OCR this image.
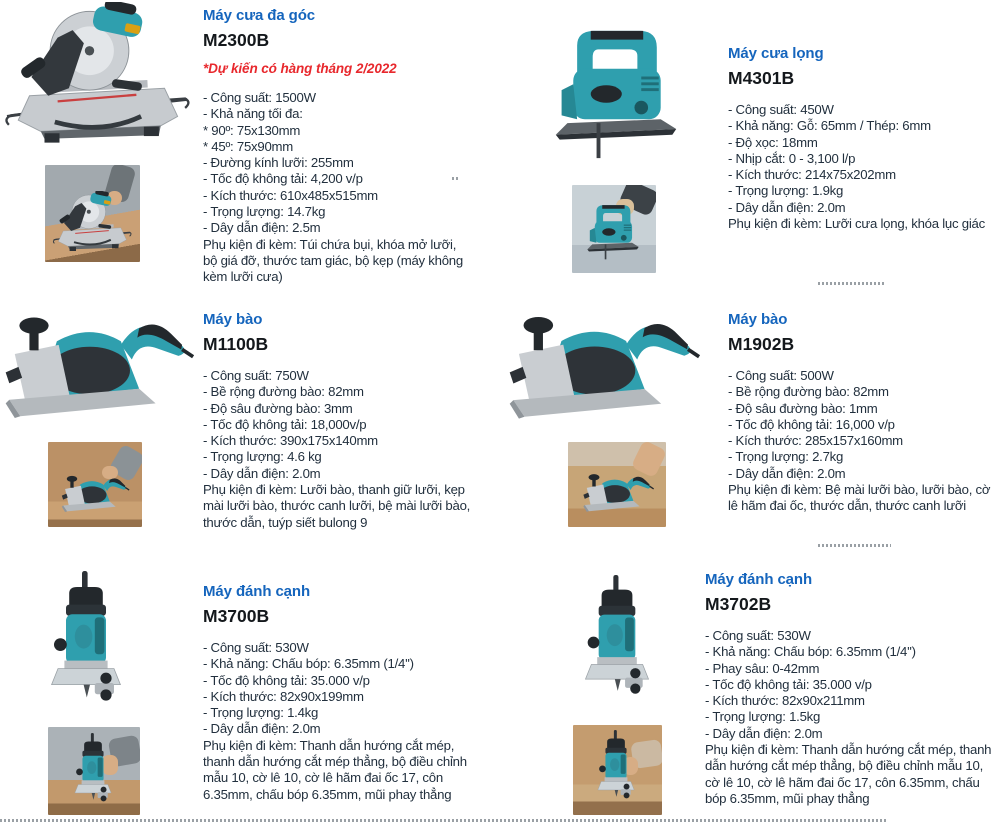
Máy cưa đa góc
M2300B
*Dự kiến có hàng tháng 2/2022
- Công suất: 1500W
- Khả năng tối đa:
* 90º: 75x130mm
* 45º: 75x90mm
- Đường kính lưỡi: 255mm
- Tốc độ không tải: 4,200 v/p
- Kích thước: 610x485x515mm
- Trọng lượng: 14.7kg
- Dây dẫn điện: 2.5m

Phụ kiện đi kèm: Túi chứa bụi, khóa mở lưỡi, bộ giá đỡ, thước tam giác, bộ kẹp (máy không kèm lưỡi cưa)

Máy cưa lọng
M4301B
- Công suất: 450W
- Khả năng: Gỗ: 65mm / Thép: 6mm
- Độ xọc: 18mm
- Nhịp cắt: 0 - 3,100 l/p
- Kích thước: 214x75x202mm
- Trọng lượng: 1.9kg
- Dây dẫn điện: 2.0m

Phụ kiện đi kèm: Lưỡi cưa lọng, khóa lục giác

Máy bào
M1100B
- Công suất: 750W
- Bề rộng đường bào: 82mm
- Độ sâu đường bào: 3mm
- Tốc độ không tải: 18,000v/p
- Kích thước: 390x175x140mm
- Trọng lượng: 4.6 kg
- Dây dẫn điện: 2.0m

Phụ kiện đi kèm: Lưỡi bào, thanh giữ lưỡi, kẹp mài lưỡi bào, thước canh lưỡi, bệ mài lưỡi bào, thước dẫn, tuýp siết bulong 9

Máy bào
M1902B
- Công suất: 500W
- Bề rộng đường bào: 82mm
- Độ sâu đường bào: 1mm
- Tốc độ không tải: 16,000 v/p
- Kích thước: 285x157x160mm
- Trọng lượng: 2.7kg
- Dây dẫn điện: 2.0m

Phụ kiện đi kèm: Bệ mài lưỡi bào, lưỡi bào, cờ lê hãm đai ốc, thước dẫn, thước canh lưỡi

Máy đánh cạnh
M3700B
- Công suất: 530W
- Khả năng: Chấu bóp: 6.35mm (1/4'')
- Tốc độ không tải: 35.000 v/p
- Kích thước: 82x90x199mm
- Trọng lượng: 1.4kg
- Dây dẫn điện: 2.0m

Phụ kiện đi kèm: Thanh dẫn hướng cắt mép, thanh dẫn hướng cắt mép thẳng, bộ điều chỉnh mẫu 10, cờ lê 10, cờ lê hãm đai ốc 17, côn 6.35mm, chấu bóp 6.35mm, mũi phay thẳng

Máy đánh cạnh
M3702B
- Công suất: 530W
- Khả năng: Chấu bóp: 6.35mm (1/4'')
- Phay sâu: 0-42mm
- Tốc độ không tải: 35.000 v/p
- Kích thước: 82x90x211mm
- Trọng lượng: 1.5kg
- Dây dẫn điện: 2.0m

Phụ kiện đi kèm: Thanh dẫn hướng cắt mép, thanh dẫn hướng cắt mép thẳng, bộ điều chỉnh mẫu 10, cờ lê 10, cờ lê hãm đai ốc 17, côn 6.35mm, chấu bóp 6.35mm, mũi phay thẳng
